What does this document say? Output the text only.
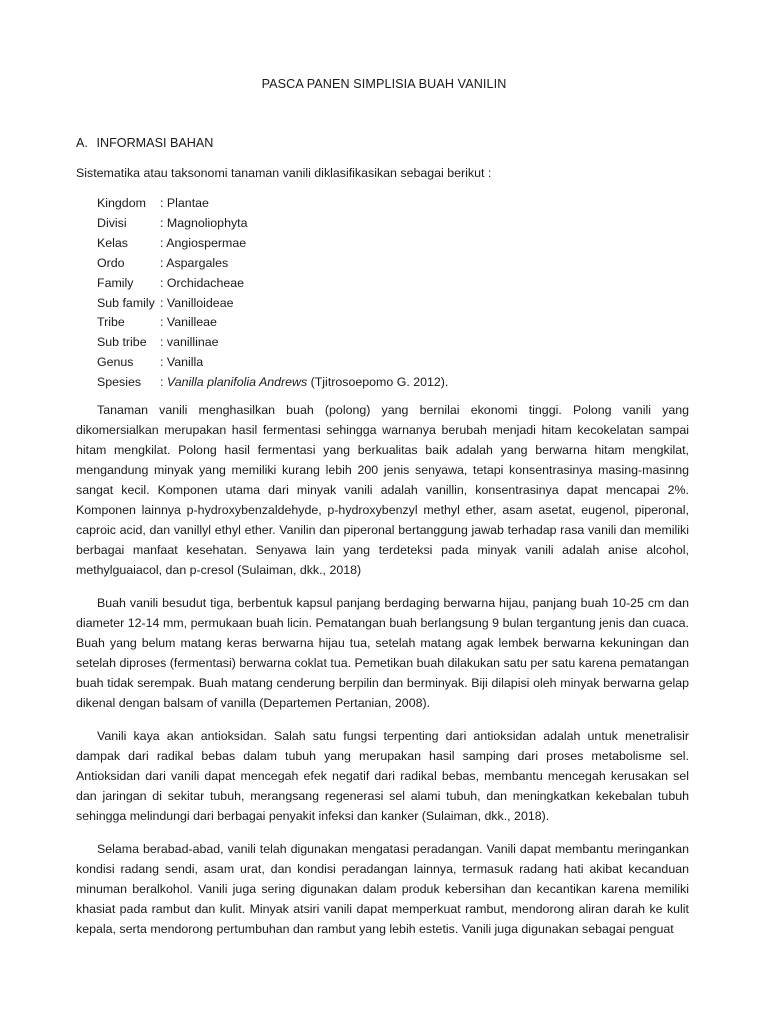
PASCA PANEN SIMPLISIA BUAH VANILIN
A. INFORMASI BAHAN
Sistematika atau taksonomi tanaman vanili diklasifikasikan sebagai berikut :
Kingdom	: Plantae
Divisi	: Magnoliophyta
Kelas	: Angiospermae
Ordo	: Aspargales
Family	: Orchidacheae
Sub family	: Vanilloideae
Tribe	: Vanilleae
Sub tribe	: vanillinae
Genus	: Vanilla
Spesies	: Vanilla planifolia Andrews (Tjitrosoepomo G. 2012).

Tanaman vanili menghasilkan buah (polong) yang bernilai ekonomi tinggi. Polong vanili yang dikomersialkan merupakan hasil fermentasi sehingga warnanya berubah menjadi hitam kecokelatan sampai hitam mengkilat. Polong hasil fermentasi yang berkualitas baik adalah yang berwarna hitam mengkilat, mengandung minyak yang memiliki kurang lebih 200 jenis senyawa, tetapi konsentrasinya masing-masinng sangat kecil. Komponen utama dari minyak vanili adalah vanillin, konsentrasinya dapat mencapai 2%. Komponen lainnya p-hydroxybenzaldehyde, p-hydroxybenzyl methyl ether, asam asetat, eugenol, piperonal, caproic acid, dan vanillyl ethyl ether. Vanilin dan piperonal bertanggung jawab terhadap rasa vanili dan memiliki berbagai manfaat kesehatan. Senyawa lain yang terdeteksi pada minyak vanili adalah anise alcohol, methylguaiacol, dan p-cresol (Sulaiman, dkk., 2018)

Buah vanili besudut tiga, berbentuk kapsul panjang berdaging berwarna hijau, panjang buah 10-25 cm dan diameter 12-14 mm, permukaan buah licin. Pematangan buah berlangsung 9 bulan tergantung jenis dan cuaca. Buah yang belum matang keras berwarna hijau tua, setelah matang agak lembek berwarna kekuningan dan setelah diproses (fermentasi) berwarna coklat tua. Pemetikan buah dilakukan satu per satu karena pematangan buah tidak serempak. Buah matang cenderung berpilin dan berminyak. Biji dilapisi oleh minyak berwarna gelap dikenal dengan balsam of vanilla (Departemen Pertanian, 2008).

Vanili kaya akan antioksidan. Salah satu fungsi terpenting dari antioksidan adalah untuk menetralisir dampak dari radikal bebas dalam tubuh yang merupakan hasil samping dari proses metabolisme sel. Antioksidan dari vanili dapat mencegah efek negatif dari radikal bebas, membantu mencegah kerusakan sel dan jaringan di sekitar tubuh, merangsang regenerasi sel alami tubuh, dan meningkatkan kekebalan tubuh sehingga melindungi dari berbagai penyakit infeksi dan kanker (Sulaiman, dkk., 2018).

Selama berabad-abad, vanili telah digunakan mengatasi peradangan. Vanili dapat membantu meringankan kondisi radang sendi, asam urat, dan kondisi peradangan lainnya, termasuk radang hati akibat kecanduan minuman beralkohol. Vanili juga sering digunakan dalam produk kebersihan dan kecantikan karena memiliki khasiat pada rambut dan kulit. Minyak atsiri vanili dapat memperkuat rambut, mendorong aliran darah ke kulit kepala, serta mendorong pertumbuhan dan rambut yang lebih estetis. Vanili juga digunakan sebagai penguat
